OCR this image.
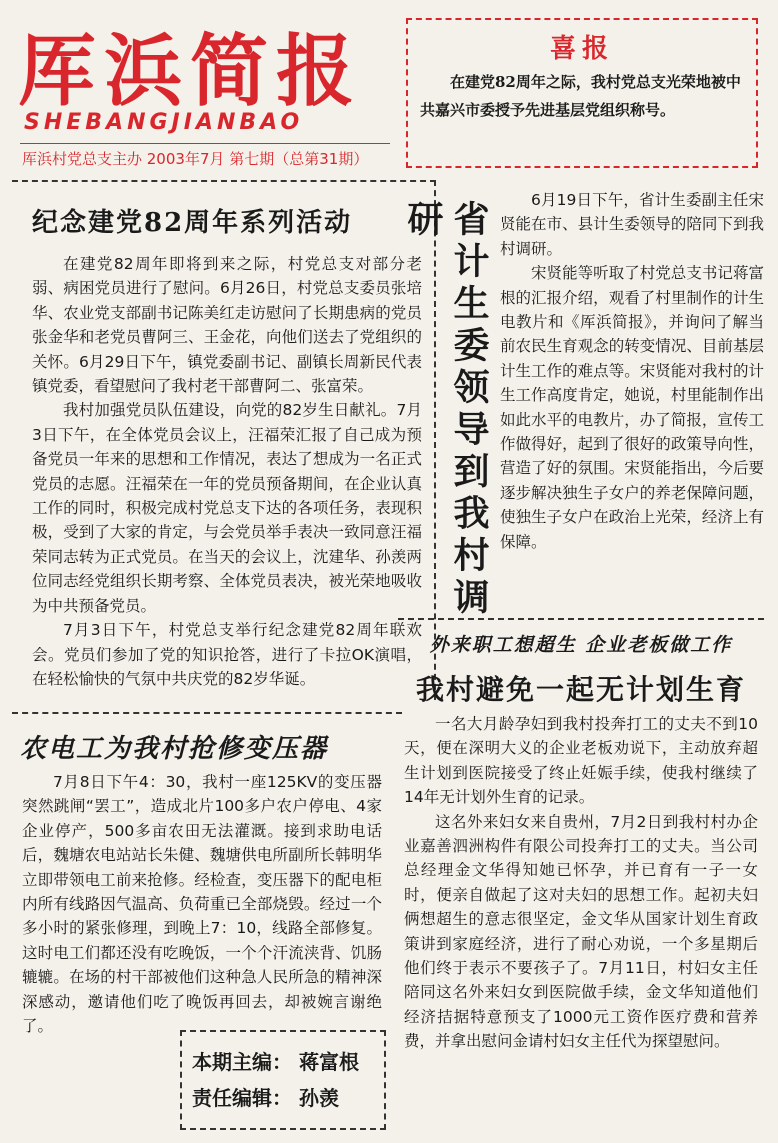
厍浜简报
SHEBANGJIANBAO
厍浜村党总支主办 2003年7月 第七期（总第31期）
喜报
在建党82周年之际，我村党总支光荣地被中共嘉兴市委授予先进基层党组织称号。
纪念建党82周年系列活动

在建党82周年即将到来之际，村党总支对部分老弱、病困党员进行了慰问。6月26日，村党总支委员张培华、农业党支部副书记陈美红走访慰问了长期患病的党员张金华和老党员曹阿三、王金花，向他们送去了党组织的关怀。6月29日下午，镇党委副书记、副镇长周新民代表镇党委，看望慰问了我村老干部曹阿二、张富荣。

我村加强党员队伍建设，向党的82岁生日献礼。7月3日下午，在全体党员会议上，汪福荣汇报了自己成为预备党员一年来的思想和工作情况，表达了想成为一名正式党员的志愿。汪福荣在一年的党员预备期间，在企业认真工作的同时，积极完成村党总支下达的各项任务，表现积极，受到了大家的肯定，与会党员举手表决一致同意汪福荣同志转为正式党员。在当天的会议上，沈建华、孙羡两位同志经党组织长期考察、全体党员表决，被光荣地吸收为中共预备党员。

7月3日下午，村党总支举行纪念建党82周年联欢会。党员们参加了党的知识抢答，进行了卡拉OK演唱，在轻松愉快的气氛中共庆党的82岁华诞。

农电工为我村抢修变压器

7月8日下午4：30，我村一座125KV的变压器突然跳闸“罢工”，造成北片100多户农户停电、4家企业停产，500多亩农田无法灌溉。接到求助电话后，魏塘农电站站长朱健、魏塘供电所副所长韩明华立即带领电工前来抢修。经检查，变压器下的配电柜内所有线路因气温高、负荷重已全部烧毁。经过一个多小时的紧张修理，到晚上7：10，线路全部修复。这时电工们都还没有吃晚饭，一个个汗流浃背、饥肠辘辘。在场的村干部被他们这种急人民所急的精神深深感动，邀请他们吃了晚饭再回去，却被婉言谢绝了。

本期主编： 蒋富根
责任编辑： 孙羡
省计生委领导到我村调研	6月19日下午，省计生委副主任宋贤能在市、县计生委领导的陪同下到我村调研。

宋贤能等听取了村党总支书记蒋富根的汇报介绍，观看了村里制作的计生电教片和《厍浜简报》，并询问了解当前农民生育观念的转变情况、目前基层计生工作的难点等。宋贤能对我村的计生工作高度肯定，她说，村里能制作出如此水平的电教片，办了简报，宣传工作做得好，起到了很好的政策导向性，营造了好的氛围。宋贤能指出，今后要逐步解决独生子女户的养老保障问题，使独生子女户在政治上光荣，经济上有保障。

外来职工想超生 企业老板做工作
我村避免一起无计划生育

一名大月龄孕妇到我村投奔打工的丈夫不到10天，便在深明大义的企业老板劝说下，主动放弃超生计划到医院接受了终止妊娠手续，使我村继续了14年无计划外生育的记录。

这名外来妇女来自贵州，7月2日到我村村办企业嘉善泗洲构件有限公司投奔打工的丈夫。当公司总经理金文华得知她已怀孕，并已育有一子一女时，便亲自做起了这对夫妇的思想工作。起初夫妇俩想超生的意志很坚定，金文华从国家计划生育政策讲到家庭经济，进行了耐心劝说，一个多星期后他们终于表示不要孩子了。7月11日，村妇女主任陪同这名外来妇女到医院做手续，金文华知道他们经济拮据特意预支了1000元工资作医疗费和营养费，并拿出慰问金请村妇女主任代为探望慰问。
